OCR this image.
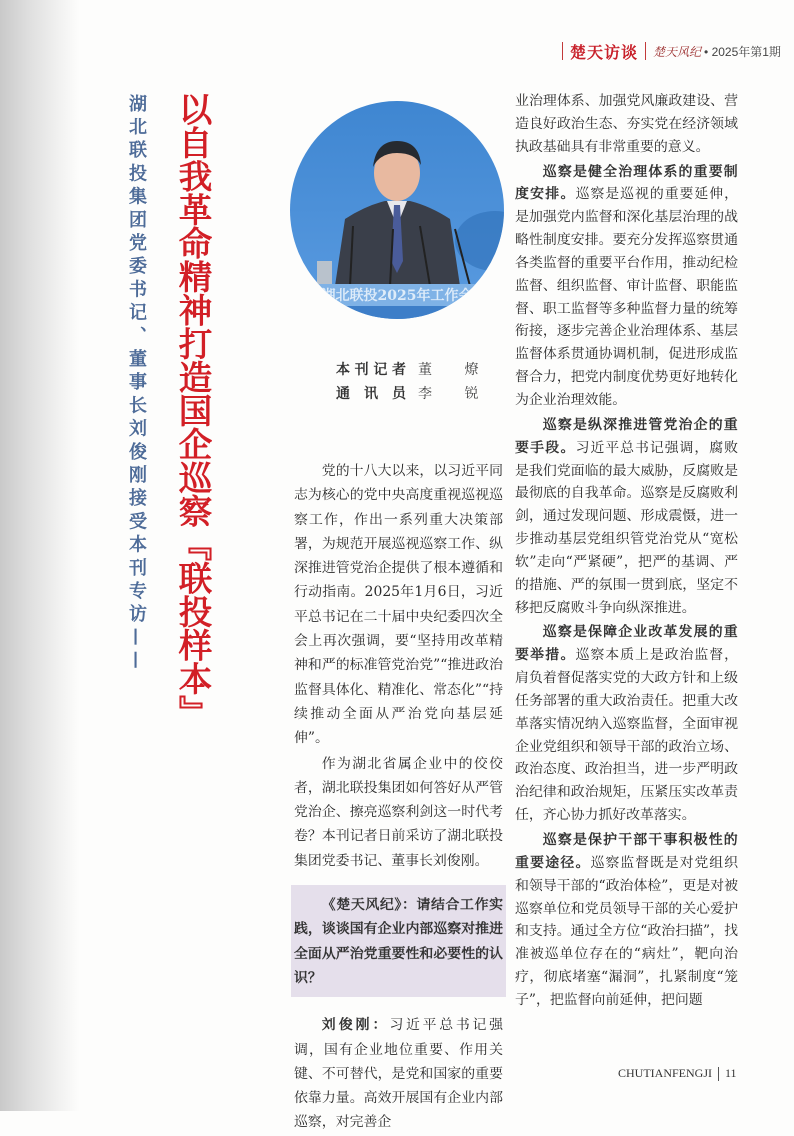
楚天访谈 楚天风纪 • 2025年第1期
以自我革命精神打造国企巡察『联投样本』
湖北联投集团党委书记、董事长刘俊刚接受本刊专访——	湖北联投2025年工作会
本刊记者 董 燎
通讯员 李 锐

党的十八大以来，以习近平同志为核心的党中央高度重视巡视巡察工作，作出一系列重大决策部署，为规范开展巡视巡察工作、纵深推进管党治企提供了根本遵循和行动指南。2025年1月6日，习近平总书记在二十届中央纪委四次全会上再次强调，要“坚持用改革精神和严的标准管党治党”“推进政治监督具体化、精准化、常态化”“持续推动全面从严治党向基层延伸”。

作为湖北省属企业中的佼佼者，湖北联投集团如何答好从严管党治企、擦亮巡察利剑这一时代考卷？本刊记者日前采访了湖北联投集团党委书记、董事长刘俊刚。

《楚天风纪》：请结合工作实践，谈谈国有企业内部巡察对推进全面从严治党重要性和必要性的认识？

刘俊刚：习近平总书记强调，国有企业地位重要、作用关键、不可替代，是党和国家的重要依靠力量。高效开展国有企业内部巡察，对完善企

业治理体系、加强党风廉政建设、营造良好政治生态、夯实党在经济领域执政基础具有非常重要的意义。

巡察是健全治理体系的重要制度安排。巡察是巡视的重要延伸，是加强党内监督和深化基层治理的战略性制度安排。要充分发挥巡察贯通各类监督的重要平台作用，推动纪检监督、组织监督、审计监督、职能监督、职工监督等多种监督力量的统筹衔接，逐步完善企业治理体系、基层监督体系贯通协调机制，促进形成监督合力，把党内制度优势更好地转化为企业治理效能。

巡察是纵深推进管党治企的重要手段。习近平总书记强调，腐败是我们党面临的最大威胁，反腐败是最彻底的自我革命。巡察是反腐败利剑，通过发现问题、形成震慑，进一步推动基层党组织管党治党从“宽松软”走向“严紧硬”，把严的基调、严的措施、严的氛围一贯到底，坚定不移把反腐败斗争向纵深推进。

巡察是保障企业改革发展的重要举措。巡察本质上是政治监督，肩负着督促落实党的大政方针和上级任务部署的重大政治责任。把重大改革落实情况纳入巡察监督，全面审视企业党组织和领导干部的政治立场、政治态度、政治担当，进一步严明政治纪律和政治规矩，压紧压实改革责任，齐心协力抓好改革落实。

巡察是保护干部干事积极性的重要途径。巡察监督既是对党组织和领导干部的“政治体检”，更是对被巡察单位和党员领导干部的关心爱护和支持。通过全方位“政治扫描”，找准被巡单位存在的“病灶”，靶向治疗，彻底堵塞“漏洞”，扎紧制度“笼子”，把监督向前延伸，把问题

CHUTIANFENGJI 11
